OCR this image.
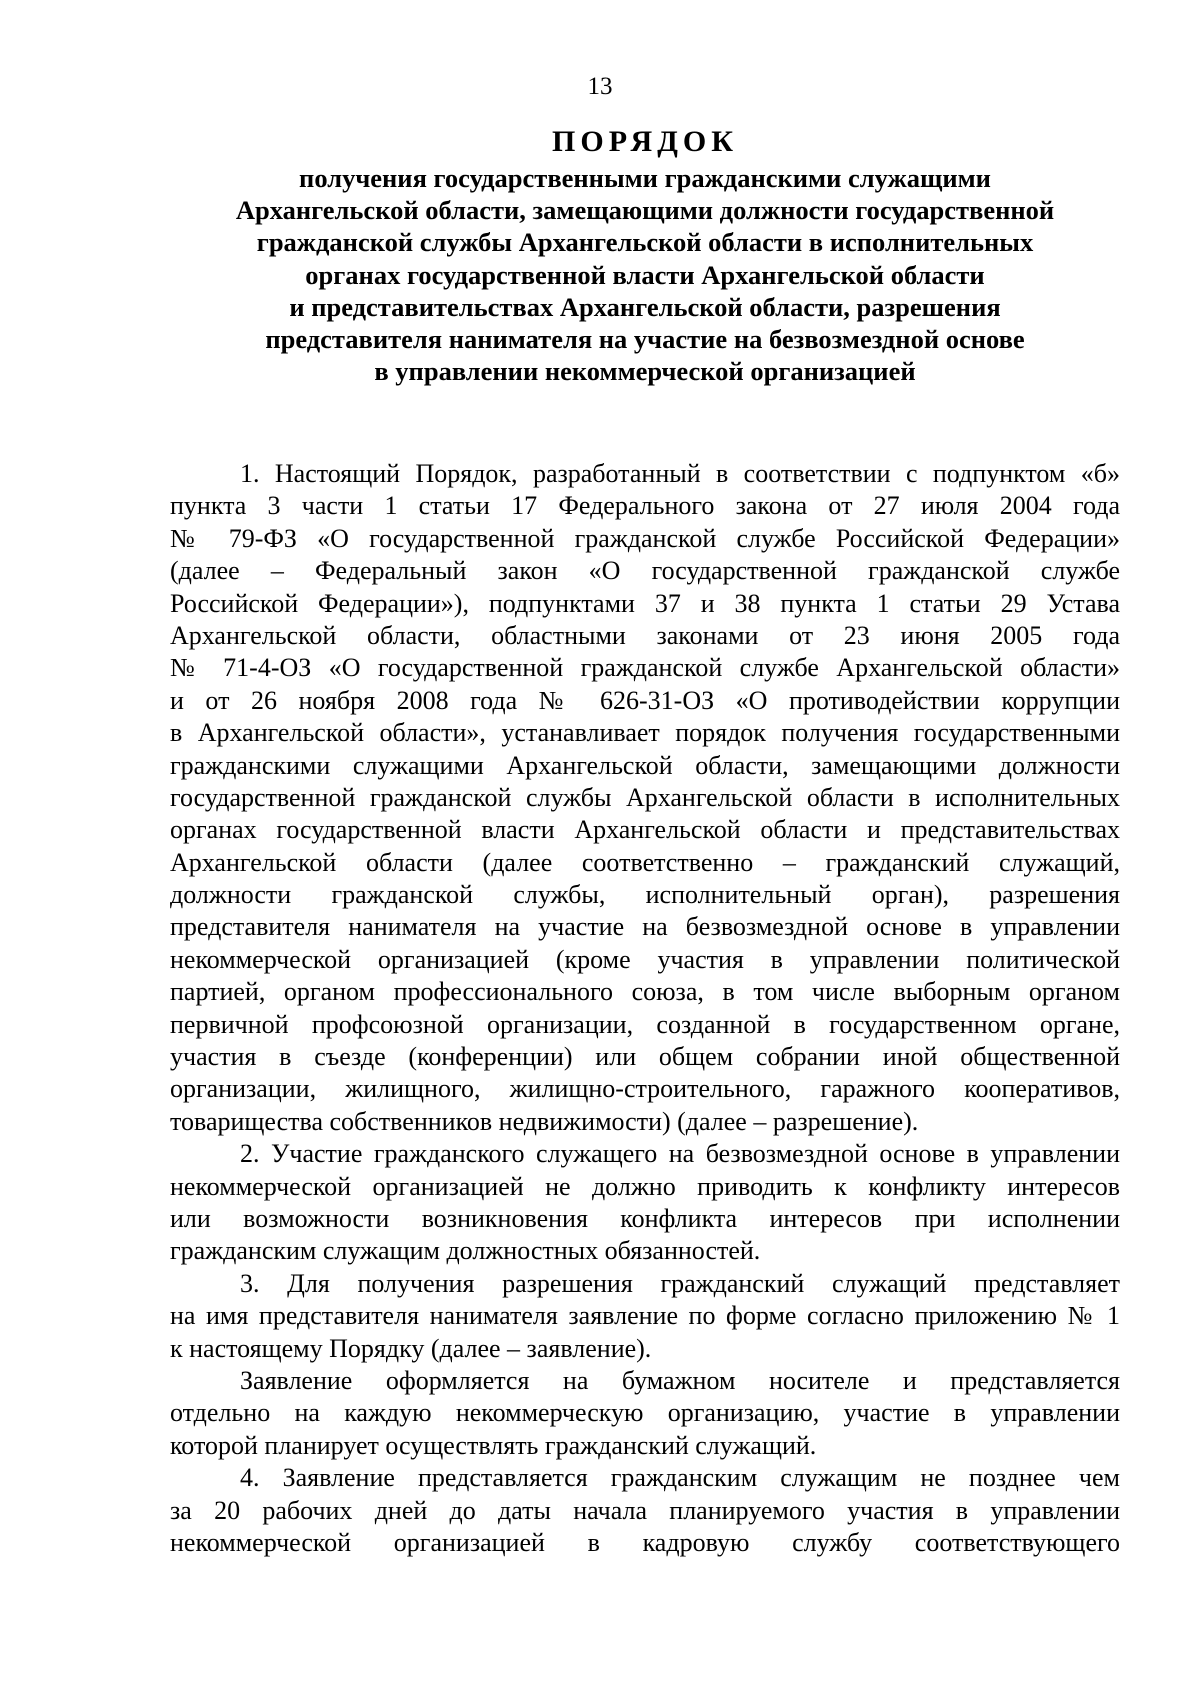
13
ПОРЯДОК
получения государственными гражданскими служащими
Архангельской области, замещающими должности государственной
гражданской службы Архангельской области в исполнительных
органах государственной власти Архангельской области
и представительствах Архангельской области, разрешения
представителя нанимателя на участие на безвозмездной основе
в управлении некоммерческой организацией
1. Настоящий Порядок, разработанный в соответствии с подпунктом «б»
пункта 3 части 1 статьи 17 Федерального закона от 27 июля 2004 года
№ 79-ФЗ «О государственной гражданской службе Российской Федерации»
(далее – Федеральный закон «О государственной гражданской службе
Российской Федерации»), подпунктами 37 и 38 пункта 1 статьи 29 Устава
Архангельской области, областными законами от 23 июня 2005 года
№ 71-4-ОЗ «О государственной гражданской службе Архангельской области»
и от 26 ноября 2008 года № 626-31-ОЗ «О противодействии коррупции
в Архангельской области», устанавливает порядок получения государственными
гражданскими служащими Архангельской области, замещающими должности
государственной гражданской службы Архангельской области в исполнительных
органах государственной власти Архангельской области и представительствах
Архангельской области (далее соответственно – гражданский служащий,
должности гражданской службы, исполнительный орган), разрешения
представителя нанимателя на участие на безвозмездной основе в управлении
некоммерческой организацией (кроме участия в управлении политической
партией, органом профессионального союза, в том числе выборным органом
первичной профсоюзной организации, созданной в государственном органе,
участия в съезде (конференции) или общем собрании иной общественной
организации, жилищного, жилищно-строительного, гаражного кооперативов,
товарищества собственников недвижимости) (далее – разрешение).
2. Участие гражданского служащего на безвозмездной основе в управлении
некоммерческой организацией не должно приводить к конфликту интересов
или возможности возникновения конфликта интересов при исполнении
гражданским служащим должностных обязанностей.
3. Для получения разрешения гражданский служащий представляет
на имя представителя нанимателя заявление по форме согласно приложению № 1
к настоящему Порядку (далее – заявление).
Заявление оформляется на бумажном носителе и представляется
отдельно на каждую некоммерческую организацию, участие в управлении
которой планирует осуществлять гражданский служащий.
4. Заявление представляется гражданским служащим не позднее чем
за 20 рабочих дней до даты начала планируемого участия в управлении
некоммерческой организацией в кадровую службу соответствующего
